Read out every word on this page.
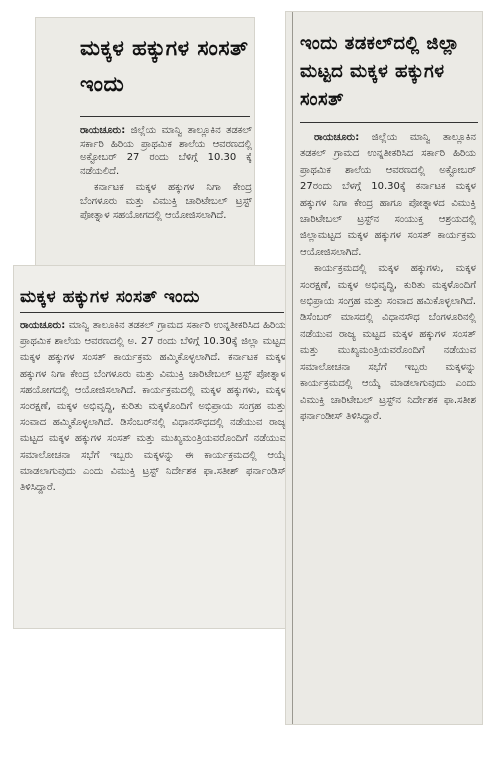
ಮಕ್ಕಳ ಹಕ್ಕುಗಳ ಸಂಸತ್ ಇಂದು

ರಾಯಚೂರು: ಜಿಲ್ಲೆಯ ಮಾನ್ವಿ ತಾಲ್ಲೂಕಿನ ತಡಕಲ್ ಸರ್ಕಾರಿ ಹಿರಿಯ ಪ್ರಾಥಮಿಕ ಶಾಲೆಯ ಆವರಣದಲ್ಲಿ ಅಕ್ಟೋಬರ್ 27 ರಂದು ಬೆಳಿಗ್ಗೆ 10.30 ಕ್ಕೆ ನಡೆಯಲಿದೆ.

ಕರ್ನಾಟಕ ಮಕ್ಕಳ ಹಕ್ಕುಗಳ ನಿಗಾ ಕೇಂದ್ರ ಬೆಂಗಳೂರು ಮತ್ತು ವಿಮುಕ್ತಿ ಚಾರಿಟೇಬಲ್ ಟ್ರಸ್ಟ್ ಪೋತ್ನಾಳ ಸಹಯೋಗದಲ್ಲಿ ಆಯೋಜಿಸಲಾಗಿದೆ.

ಮಕ್ಕಳ ಹಕ್ಕುಗಳ ಸಂಸತ್ ಇಂದು

ರಾಯಚೂರು: ಮಾನ್ವಿ ತಾಲೂಕಿನ ತಡಕಲ್ ಗ್ರಾಮದ ಸರ್ಕಾರಿ ಉನ್ನತೀಕರಿಸಿದ ಹಿರಿಯ ಪ್ರಾಥಮಿಕ ಶಾಲೆಯ ಆವರಣದಲ್ಲಿ ಅ. 27 ರಂದು ಬೆಳಿಗ್ಗೆ 10.30ಕ್ಕೆ ಜಿಲ್ಲಾ ಮಟ್ಟದ ಮಕ್ಕಳ ಹಕ್ಕುಗಳ ಸಂಸತ್ ಕಾರ್ಯಕ್ರಮ ಹಮ್ಮಿಕೊಳ್ಳಲಾಗಿದೆ. ಕರ್ನಾಟಕ ಮಕ್ಕಳ ಹಕ್ಕುಗಳ ನಿಗಾ ಕೇಂದ್ರ ಬೆಂಗಳೂರು ಮತ್ತು ವಿಮುಕ್ತಿ ಚಾರಿಟೇಬಲ್ ಟ್ರಸ್ಟ್ ಪೋತ್ನಾಳ ಸಹಯೋಗದಲ್ಲಿ ಆಯೋಜಿಸಲಾಗಿದೆ. ಕಾರ್ಯಕ್ರಮದಲ್ಲಿ ಮಕ್ಕಳ ಹಕ್ಕುಗಳು, ಮಕ್ಕಳ ಸಂರಕ್ಷಣೆ, ಮಕ್ಕಳ ಅಭಿವೃದ್ಧಿ, ಕುರಿತು ಮಕ್ಕಳೊಂದಿಗೆ ಅಭಿಪ್ರಾಯ ಸಂಗ್ರಹ ಮತ್ತು ಸಂವಾದ ಹಮ್ಮಿಕೊಳ್ಳಲಾಗಿದೆ. ಡಿಸೆಂಬರ್‌ನಲ್ಲಿ ವಿಧಾನಸೌಧದಲ್ಲಿ ನಡೆಯುವ ರಾಜ್ಯ ಮಟ್ಟದ ಮಕ್ಕಳ ಹಕ್ಕುಗಳ ಸಂಸತ್ ಮತ್ತು ಮುಖ್ಯಮಂತ್ರಿಯವರೊಂದಿಗೆ ನಡೆಯುವ ಸಮಾಲೋಚನಾ ಸಭೆಗೆ ಇಬ್ಬರು ಮಕ್ಕಳನ್ನು ಈ ಕಾರ್ಯಕ್ರಮದಲ್ಲಿ ಆಯ್ಕೆ ಮಾಡಲಾಗುವುದು ಎಂದು ವಿಮುಕ್ತಿ ಟ್ರಸ್ಟ್ ನಿರ್ದೇಶಕ ಫಾ.ಸತೀಶ್ ಫರ್ನಾಂಡಿಸ್ ತಿಳಿಸಿದ್ದಾರೆ.

ಇಂದು ತಡಕಲ್‌ದಲ್ಲಿ ಜಿಲ್ಲಾ ಮಟ್ಟದ ಮಕ್ಕಳ ಹಕ್ಕುಗಳ ಸಂಸತ್

ರಾಯಚೂರು: ಜಿಲ್ಲೆಯ ಮಾನ್ವಿ ತಾಲ್ಲೂಕಿನ ತಡಕಲ್ ಗ್ರಾಮದ ಉನ್ನತೀಕರಿಸಿದ ಸರ್ಕಾರಿ ಹಿರಿಯ ಪ್ರಾಥಮಿಕ ಶಾಲೆಯ ಆವರಣದಲ್ಲಿ ಅಕ್ಟೋಬರ್ 27ರಂದು ಬೆಳಗ್ಗೆ 10.30ಕ್ಕೆ ಕರ್ನಾಟಕ ಮಕ್ಕಳ ಹಕ್ಕುಗಳ ನಿಗಾ ಕೇಂದ್ರ ಹಾಗೂ ಪೋತ್ನಾಳದ ವಿಮುಕ್ತಿ ಚಾರಿಟೇಬಲ್ ಟ್ರಸ್ಟ್‌ನ ಸಂಯುಕ್ತ ಆಶ್ರಯದಲ್ಲಿ ಜಿಲ್ಲಾಮಟ್ಟದ ಮಕ್ಕಳ ಹಕ್ಕುಗಳ ಸಂಸತ್ ಕಾರ್ಯಕ್ರಮ ಆಯೋಜಿಸಲಾಗಿದೆ.

ಕಾರ್ಯಕ್ರಮದಲ್ಲಿ ಮಕ್ಕಳ ಹಕ್ಕುಗಳು, ಮಕ್ಕಳ ಸಂರಕ್ಷಣೆ, ಮಕ್ಕಳ ಅಭಿವೃದ್ಧಿ, ಕುರಿತು ಮಕ್ಕಳೊಂದಿಗೆ ಅಭಿಪ್ರಾಯ ಸಂಗ್ರಹ ಮತ್ತು ಸಂವಾದ ಹಮಿಕೊಳ್ಳಲಾಗಿದೆ. ಡಿಸೆಂಬರ್ ಮಾಸದಲ್ಲಿ ವಿಧಾನಸೌಧ ಬೆಂಗಳೂರಿನಲ್ಲಿ ನಡೆಯುವ ರಾಜ್ಯ ಮಟ್ಟದ ಮಕ್ಕಳ ಹಕ್ಕುಗಳ ಸಂಸತ್ ಮತ್ತು ಮುಖ್ಯಮಂತ್ರಿಯವರೊಂದಿಗೆ ನಡೆಯುವ ಸಮಾಲೋಚನಾ ಸಭೆಗೆ ಇಬ್ಬರು ಮಕ್ಕಳನ್ನು ಕಾರ್ಯಕ್ರಮದಲ್ಲಿ ಆಯ್ಕೆ ಮಾಡಲಾಗುವುದು ಎಂದು ವಿಮುಕ್ತಿ ಚಾರಿಟೇಬಲ್ ಟ್ರಸ್ಟ್‌ನ ನಿರ್ದೇಶಕ ಫಾ.ಸತೀಶ ಫರ್ನಾಂಡೀಸ್ ತಿಳಿಸಿದ್ದಾರೆ.
